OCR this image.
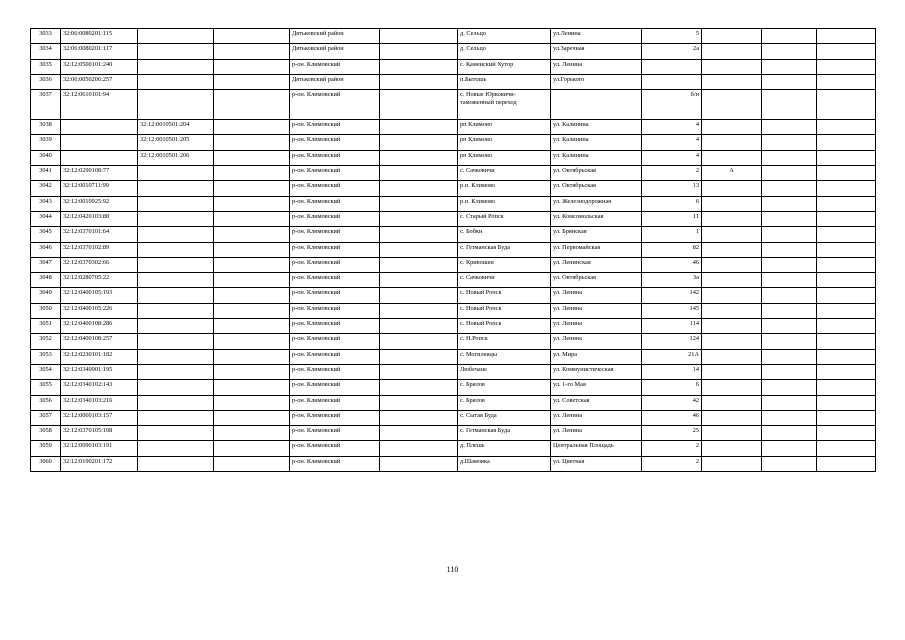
3033	32:06:0080201:115			Дятьковский район		д. Сельцо	ул.Ленина	5			
3034	32:06:0080201:117			Дятьковский район		д. Сельцо	ул.Заречная	2а			
3035	32:12:0500101:240			р-он. Климовский		с. Каменский Хутор	ул. Ленина				
3036	32:06:0050206:257			Дятьковский район		п.Бытошь	ул.Горького				
3037	32:12:0610101:94			р-он. Климовский		с. Новые Юрковичи-таможенный переход		б/н			
3038		32:12:0010501:204		р-он. Климовский		рп Климово	ул. Калинина	4			
3039		32:12:0010501:205		р-он. Климовский		рп Климово	ул. Калинина	4			
3040		32:12:0010501:206		р-он. Климовский		рп Климово	ул. Калинина	4			
3041	32:12:0290108:77			р-он. Климовский		с. Сачковичи	ул. Октябрьская	2	А		
3042	32:12:0010711:99			р-он. Климовский		р.п. Климово	ул. Октябрьская	13			
3043	32:12:0010925:92			р-он. Климовский		р.п. Климово	ул. Железнодорожная	6			
3044	32:12:0420103:88			р-он. Климовский		с. Старый Ропск	ул. Комсомольская	11			
3045	32:12:0370101:64			р-он. Климовский		с. Бобки	ул. Брянская	1			
3046	32:12:0370102:89			р-он. Климовский		с. Гетманская Буда	ул. Первомайская	82			
3047	32:12:0370302:66			р-он. Климовский		с. Кривошеи	ул. Ленинская	46			
3048	32:12:0280705:22			р-он. Климовский		с. Сачковичи	ул. Октябрьская	3а			
3049	32:12:0400105:193			р-он. Климовский		с. Новый Ропск	ул. Ленина	142			
3050	32:12:0400105:226			р-он. Климовский		с. Новый Ропск	ул. Ленина	145			
3051	32:12:0400108:286			р-он. Климовский		с. Новый Ропск	ул. Ленина	114			
3052	32:12:0400108:257			р-он. Климовский		с. Н.Ропск	ул. Ленина	124			
3053	32:12:0230101:182			р-он. Климовский		с. Могилевцы	ул. Мира	21А			
3054	32:12:0340901:195			р-он. Климовский		Любечане	ул. Коммунистическая	14			
3055	32:12:0340102:143			р-он. Климовский		с. Брялов	ул. 1-го Мая	6			
3056	32:12:0340103:216			р-он. Климовский		с. Брялов	ул. Советская	42			
3057	32:12:0060103:157			р-он. Климовский		с. Сытая Буда	ул. Ленина	46			
3058	32:12:0370105:108			р-он. Климовский		с. Гетманская Буда	ул. Ленина	25			
3059	32:12:0090103:191			р-он. Климовский		д. Плешь	Центральная Площадь	2			
3060	32:12:0190201:172			р-он. Климовский		д.Шамовка	ул. Цветная	2			
110
